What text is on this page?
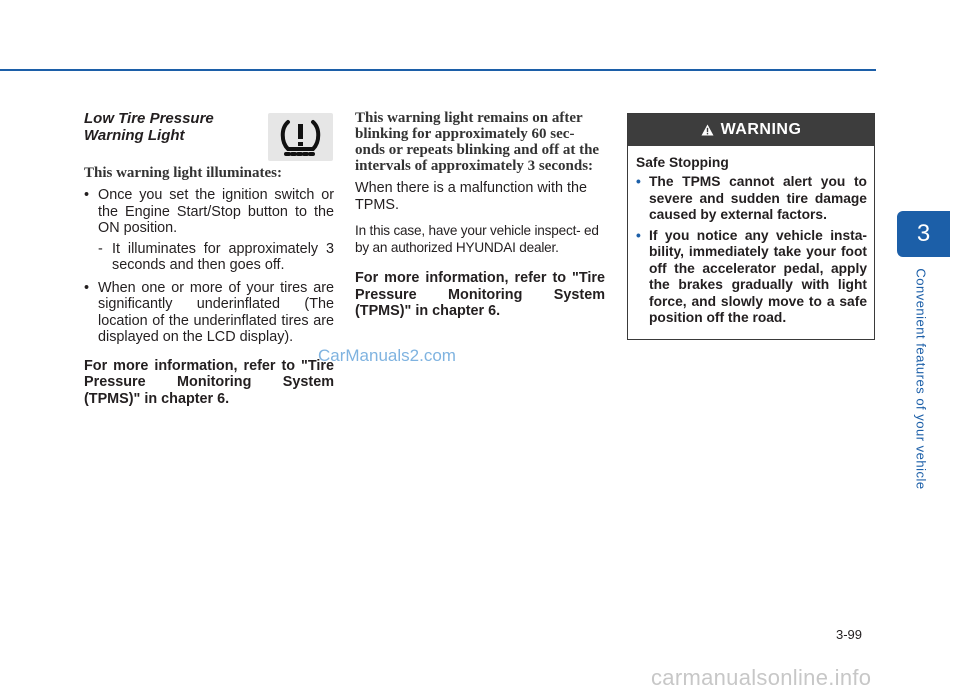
Low Tire Pressure
Warning Light
This warning light illuminates:
• Once you set the ignition switch or the Engine Start/Stop button to the ON position.
- It illuminates for approximately 3 seconds and then goes off.
• When one or more of your tires are significantly underinflated (The location of the underinflated tires are displayed on the LCD display).
For more information, refer to "Tire Pressure Monitoring System (TPMS)" in chapter 6.
This warning light remains on after blinking for approximately 60 sec- onds or repeats blinking and off at the intervals of approximately 3 seconds:
When there is a malfunction with the TPMS.
In this case, have your vehicle inspect- ed by an authorized HYUNDAI dealer.
For more information, refer to "Tire Pressure Monitoring System (TPMS)" in chapter 6.
WARNING
Safe Stopping
• The TPMS cannot alert you to severe and sudden tire damage caused by external factors.
• If you notice any vehicle insta- bility, immediately take your foot off the accelerator pedal, apply the brakes gradually with light force, and slowly move to a safe position off the road.
3
Convenient features of your vehicle
CarManuals2.com
3-99
carmanualsonline.info
